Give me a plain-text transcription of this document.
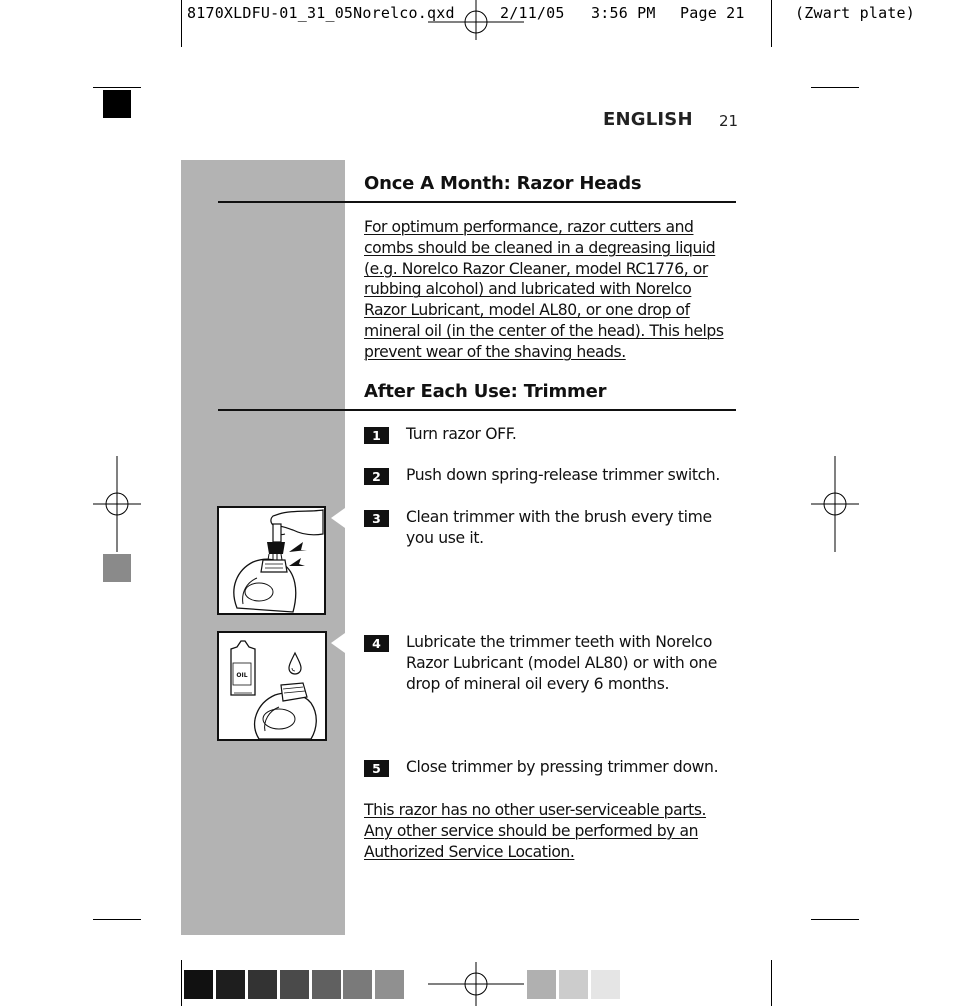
8170XLDFU-01_31_05Norelco.qxd	2/11/05 3:56 PM Page 21	(Zwart plate)
ENGLISH 21
Once A Month: Razor Heads
For optimum performance, razor cutters and
combs should be cleaned in a degreasing liquid
(e.g. Norelco Razor Cleaner, model RC1776, or
rubbing alcohol) and lubricated with Norelco
Razor Lubricant, model AL80, or one drop of
mineral oil (in the center of the head). This helps
prevent wear of the shaving heads.
After Each Use: Trimmer
1	Turn razor OFF.
2	Push down spring-release trimmer switch.
3	Clean trimmer with the brush every time
you use it.
4	Lubricate the trimmer teeth with Norelco
Razor Lubricant (model AL80) or with one
drop of mineral oil every 6 months.
5	Close trimmer by pressing trimmer down.
This razor has no other user-serviceable parts.
Any other service should be performed by an
Authorized Service Location.
OIL
